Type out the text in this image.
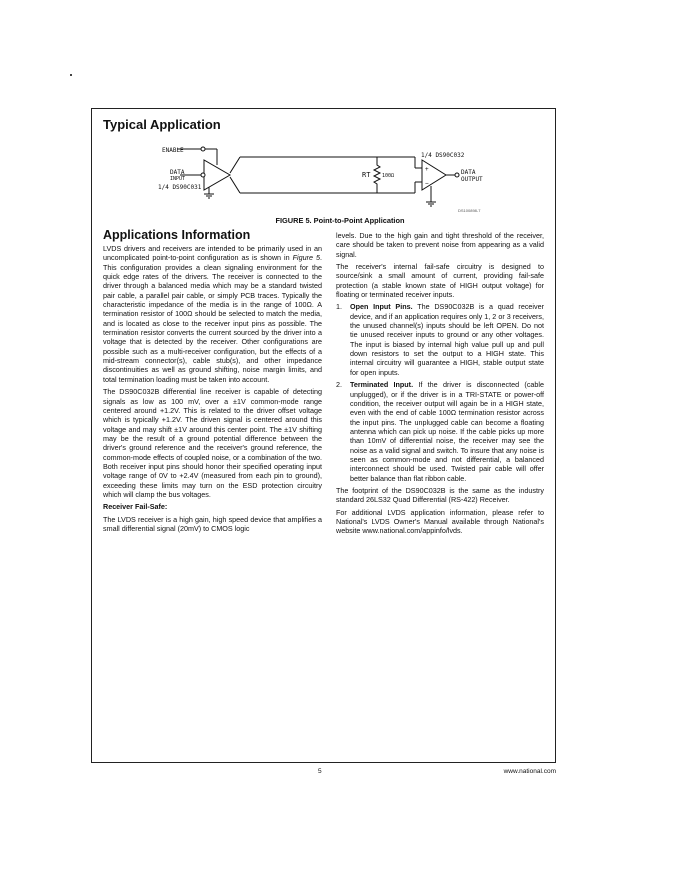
Typical Application
ENABLE
DATA
INPUT
1/4 DS90C031
RT 100Ω
1/4 DS90C032
+
−
DATA
OUTPUT
DS100898-7
FIGURE 5. Point-to-Point Application
Applications Information

LVDS drivers and receivers are intended to be primarily used in an uncomplicated point-to-point configuration as is shown in Figure 5. This configuration provides a clean signaling environment for the quick edge rates of the drivers. The receiver is connected to the driver through a balanced media which may be a standard twisted pair cable, a parallel pair cable, or simply PCB traces. Typically the characteristic impedance of the media is in the range of 100Ω. A termination resistor of 100Ω should be selected to match the media, and is located as close to the receiver input pins as possible. The termination resistor converts the current sourced by the driver into a voltage that is detected by the receiver. Other configurations are possible such as a multi-receiver configuration, but the effects of a mid-stream connector(s), cable stub(s), and other impedance discontinuities as well as ground shifting, noise margin limits, and total termination loading must be taken into account.

The DS90C032B differential line receiver is capable of detecting signals as low as 100 mV, over a ±1V common-mode range centered around +1.2V. This is related to the driver offset voltage which is typically +1.2V. The driven signal is centered around this voltage and may shift ±1V around this center point. The ±1V shifting may be the result of a ground potential difference between the driver's ground reference and the receiver's ground reference, the common-mode effects of coupled noise, or a combination of the two. Both receiver input pins should honor their specified operating input voltage range of 0V to +2.4V (measured from each pin to ground), exceeding these limits may turn on the ESD protection circuitry which will clamp the bus voltages.

Receiver Fail-Safe:

The LVDS receiver is a high gain, high speed device that amplifies a small differential signal (20mV) to CMOS logic

levels. Due to the high gain and tight threshold of the receiver, care should be taken to prevent noise from appearing as a valid signal.

The receiver's internal fail-safe circuitry is designed to source/sink a small amount of current, providing fail-safe protection (a stable known state of HIGH output voltage) for floating or terminated receiver inputs.

1. Open Input Pins. The DS90C032B is a quad receiver device, and if an application requires only 1, 2 or 3 receivers, the unused channel(s) inputs should be left OPEN. Do not tie unused receiver inputs to ground or any other voltages. The input is biased by internal high value pull up and pull down resistors to set the output to a HIGH state. This internal circuitry will guarantee a HIGH, stable output state for open inputs.
2. Terminated Input. If the driver is disconnected (cable unplugged), or if the driver is in a TRI-STATE or power-off condition, the receiver output will again be in a HIGH state, even with the end of cable 100Ω termination resistor across the input pins. The unplugged cable can become a floating antenna which can pick up noise. If the cable picks up more than 10mV of differential noise, the receiver may see the noise as a valid signal and switch. To insure that any noise is seen as common-mode and not differential, a balanced interconnect should be used. Twisted pair cable will offer better balance than flat ribbon cable.

The footprint of the DS90C032B is the same as the industry standard 26LS32 Quad Differential (RS-422) Receiver.

For additional LVDS application information, please refer to National's LVDS Owner's Manual available through National's website www.national.com/appinfo/lvds.

5	www.national.com
